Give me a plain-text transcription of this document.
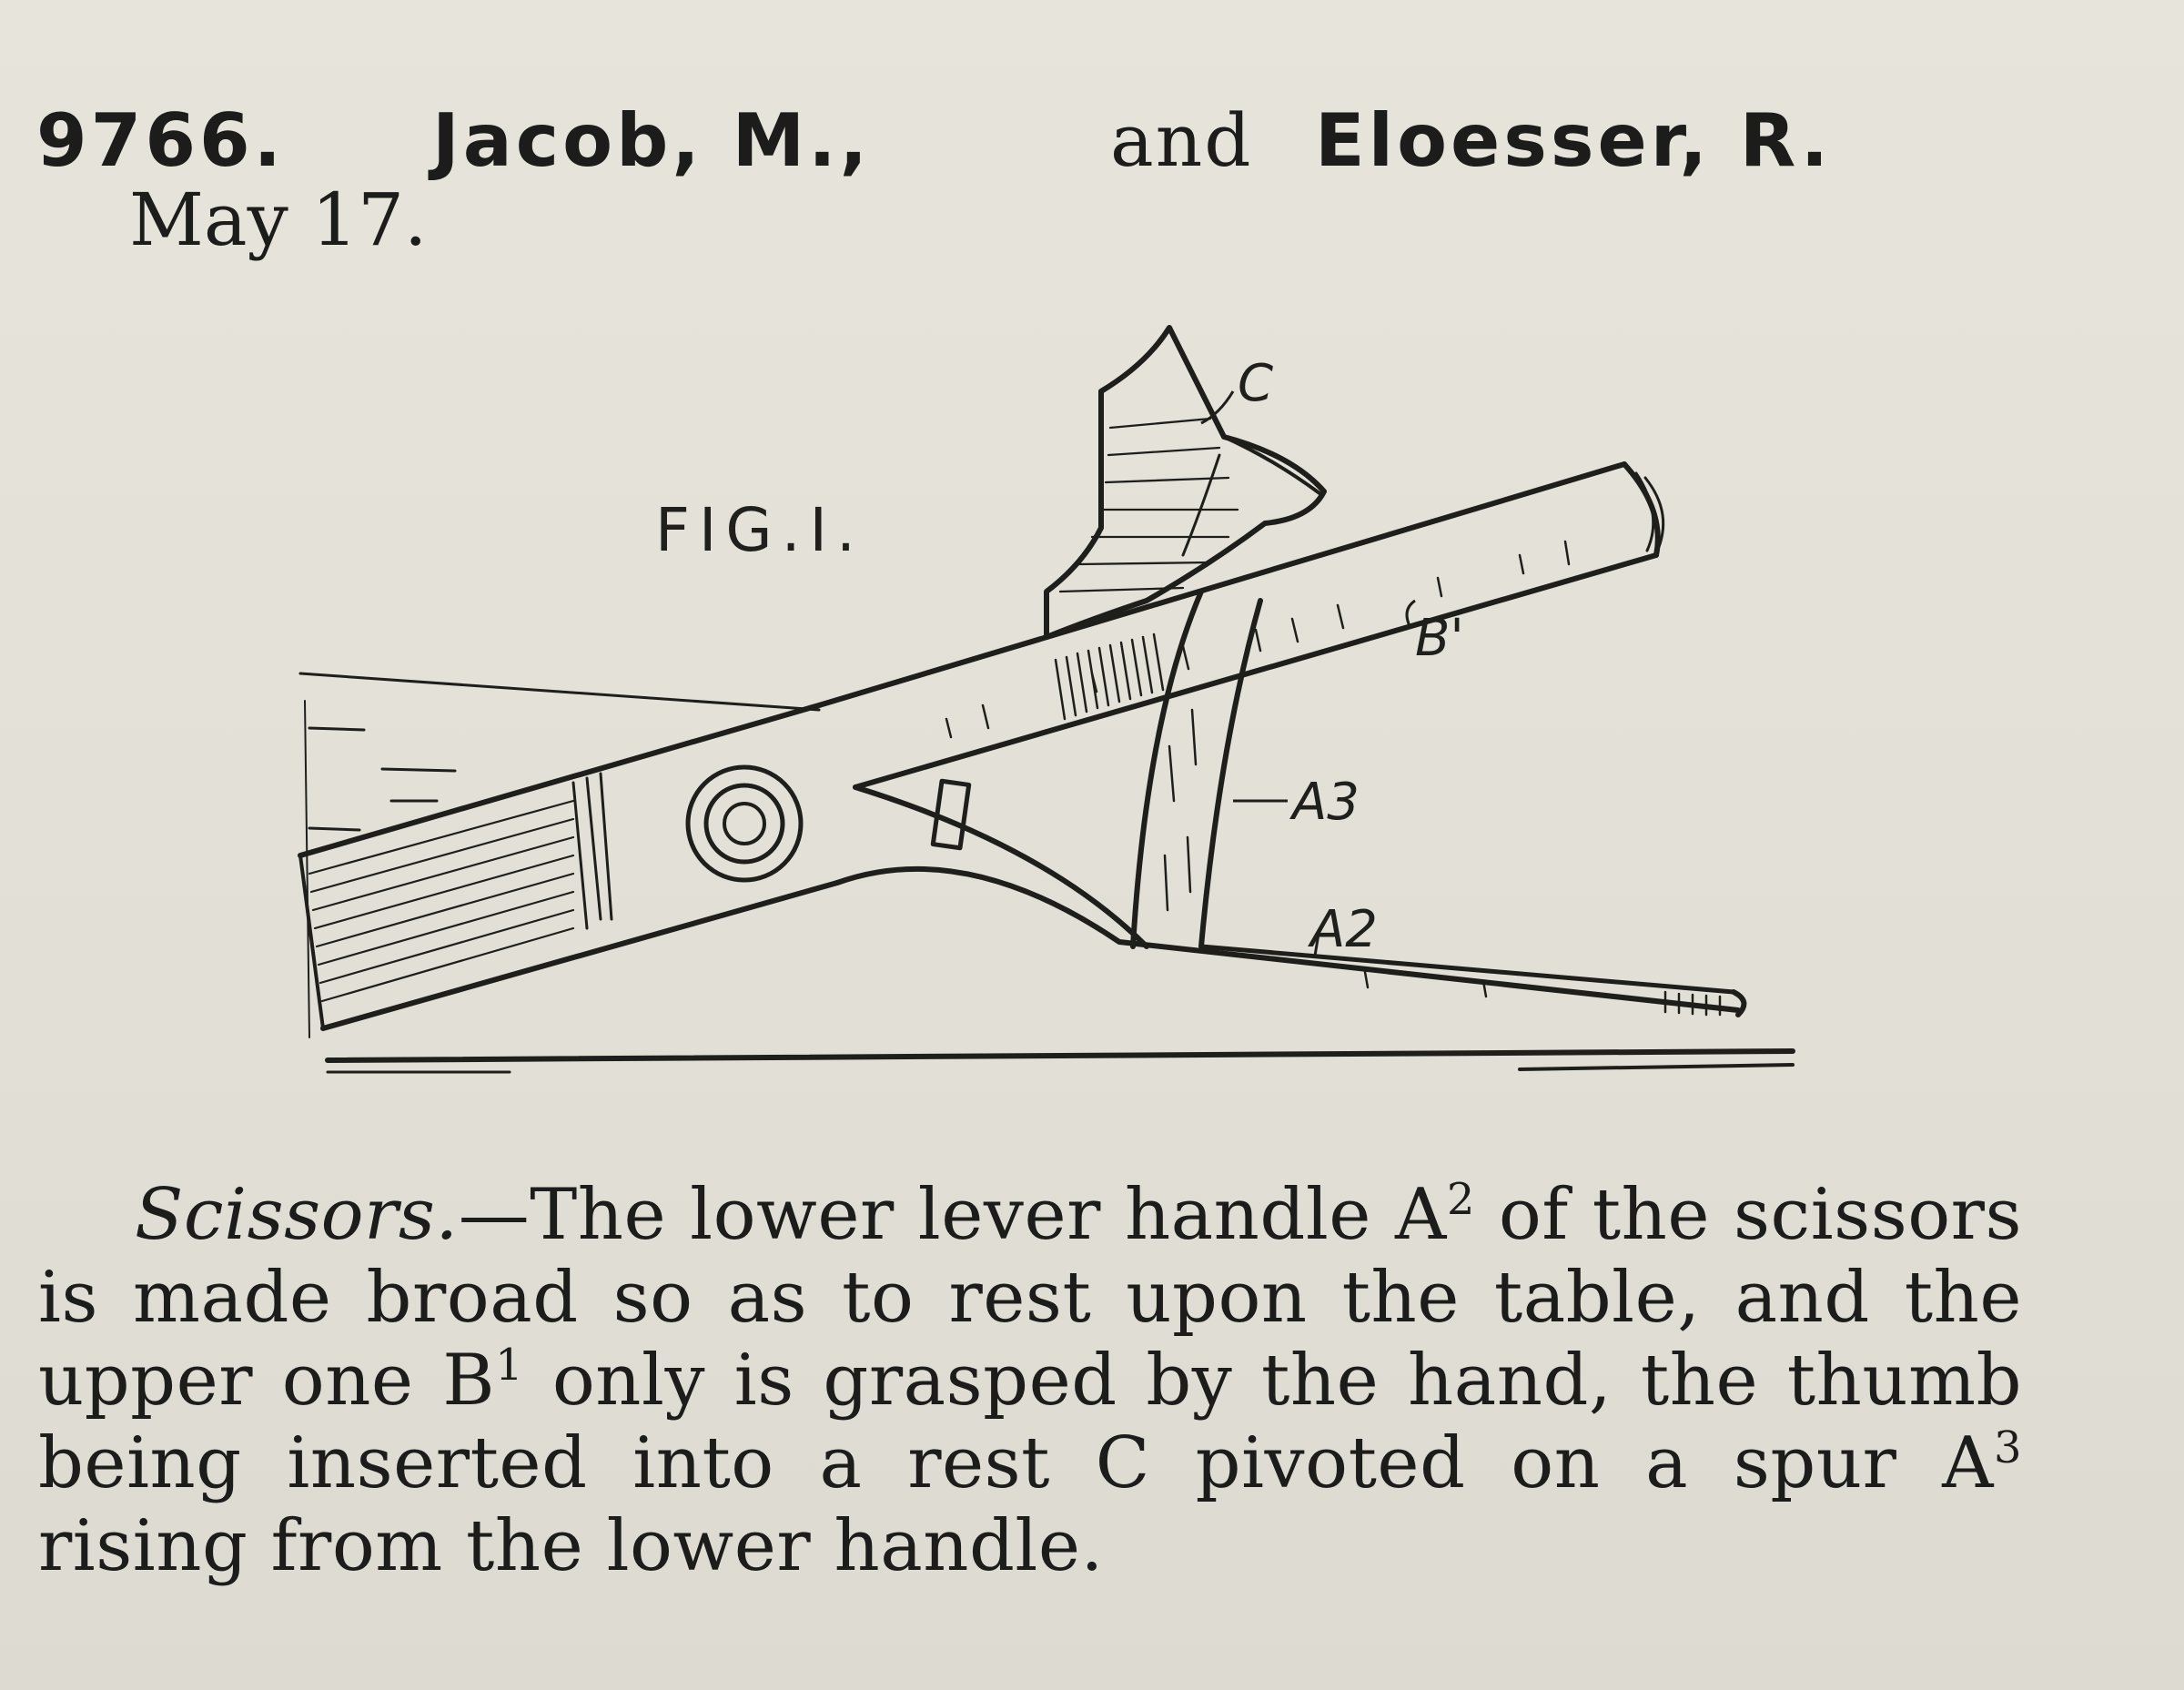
9766. Jacob, M.,	and Eloesser, R.
May 17.
FIG.I.
C
B'
A3
A2
Scissors.—The lower lever handle $A^2$ of the scissors is made broad so as to rest upon the table, and the upper one $B^1$ only is grasped by the hand, the thumb being inserted into a rest C pivoted on a spur $A^3$ rising from the lower handle.
